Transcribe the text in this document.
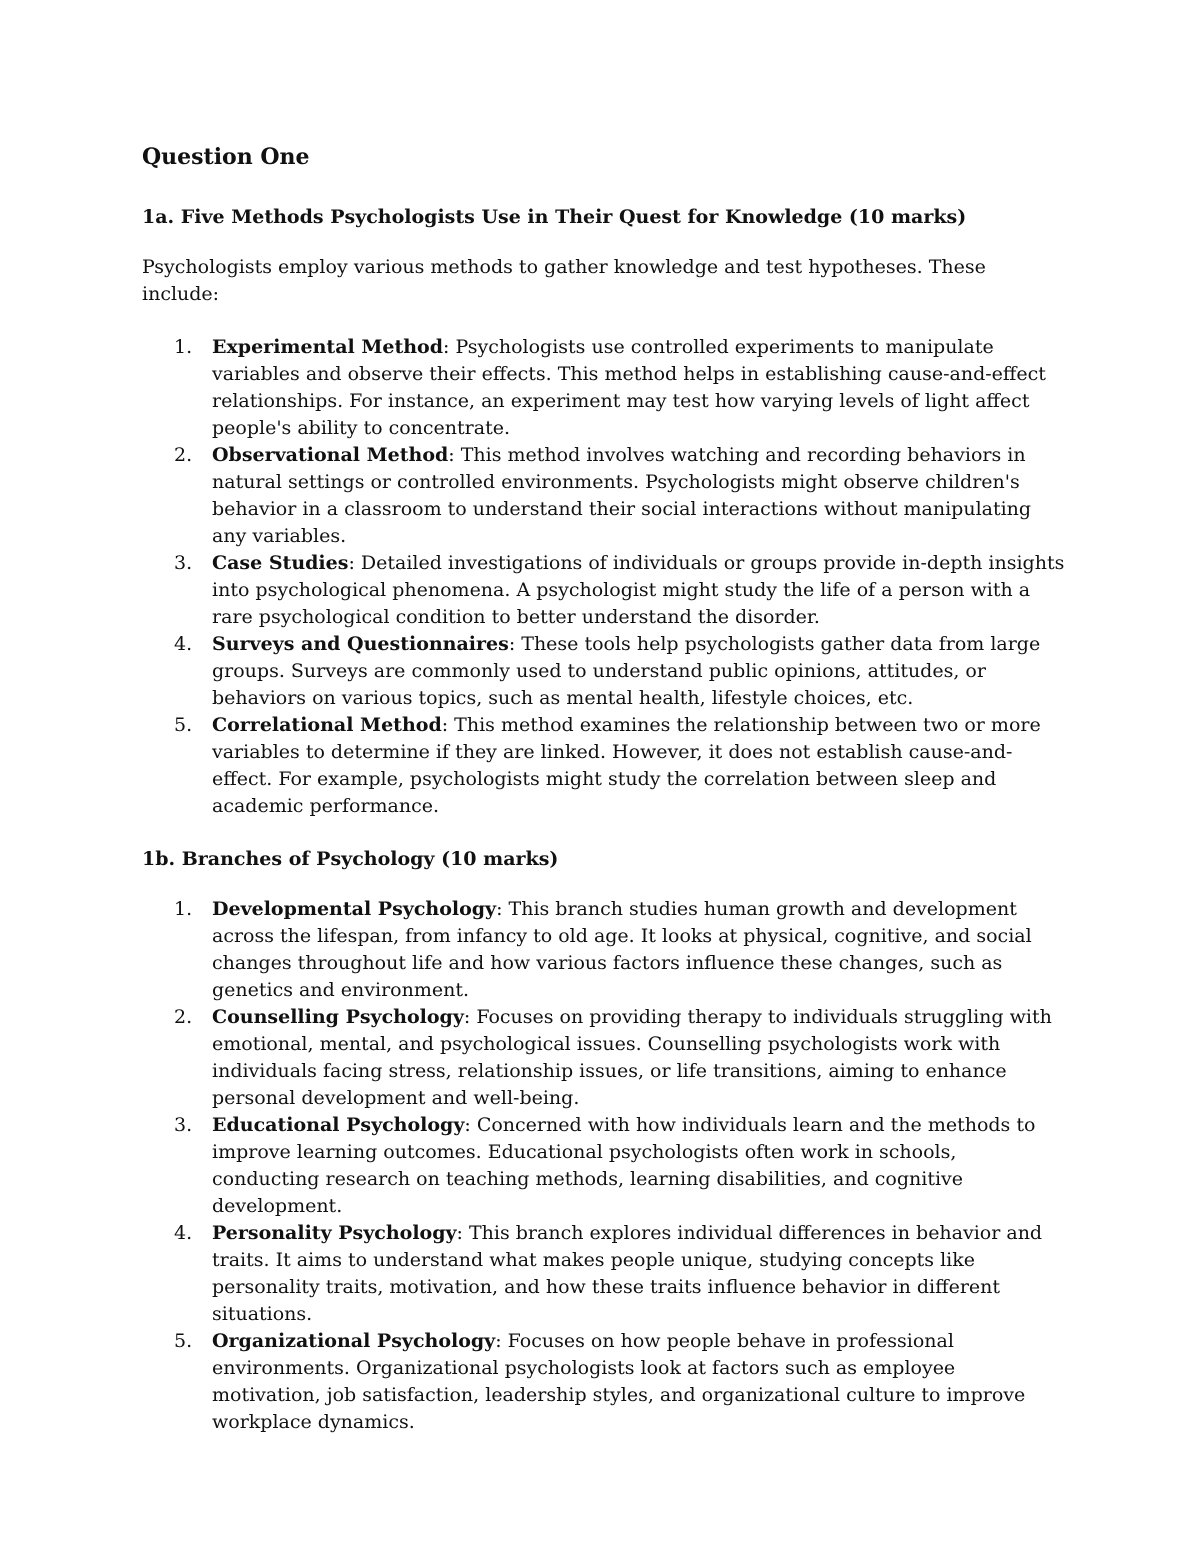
Question One
1a. Five Methods Psychologists Use in Their Quest for Knowledge (10 marks)

Psychologists employ various methods to gather knowledge and test hypotheses. These include:

1. Experimental Method: Psychologists use controlled experiments to manipulate variables and observe their effects. This method helps in establishing cause-and-effect relationships. For instance, an experiment may test how varying levels of light affect people's ability to concentrate.
2. Observational Method: This method involves watching and recording behaviors in natural settings or controlled environments. Psychologists might observe children's behavior in a classroom to understand their social interactions without manipulating any variables.
3. Case Studies: Detailed investigations of individuals or groups provide in-depth insights into psychological phenomena. A psychologist might study the life of a person with a rare psychological condition to better understand the disorder.
4. Surveys and Questionnaires: These tools help psychologists gather data from large groups. Surveys are commonly used to understand public opinions, attitudes, or behaviors on various topics, such as mental health, lifestyle choices, etc.
5. Correlational Method: This method examines the relationship between two or more variables to determine if they are linked. However, it does not establish cause-and-effect. For example, psychologists might study the correlation between sleep and academic performance.
1b. Branches of Psychology (10 marks)
1. Developmental Psychology: This branch studies human growth and development across the lifespan, from infancy to old age. It looks at physical, cognitive, and social changes throughout life and how various factors influence these changes, such as genetics and environment.
2. Counselling Psychology: Focuses on providing therapy to individuals struggling with emotional, mental, and psychological issues. Counselling psychologists work with individuals facing stress, relationship issues, or life transitions, aiming to enhance personal development and well-being.
3. Educational Psychology: Concerned with how individuals learn and the methods to improve learning outcomes. Educational psychologists often work in schools, conducting research on teaching methods, learning disabilities, and cognitive development.
4. Personality Psychology: This branch explores individual differences in behavior and traits. It aims to understand what makes people unique, studying concepts like personality traits, motivation, and how these traits influence behavior in different situations.
5. Organizational Psychology: Focuses on how people behave in professional environments. Organizational psychologists look at factors such as employee motivation, job satisfaction, leadership styles, and organizational culture to improve workplace dynamics.
